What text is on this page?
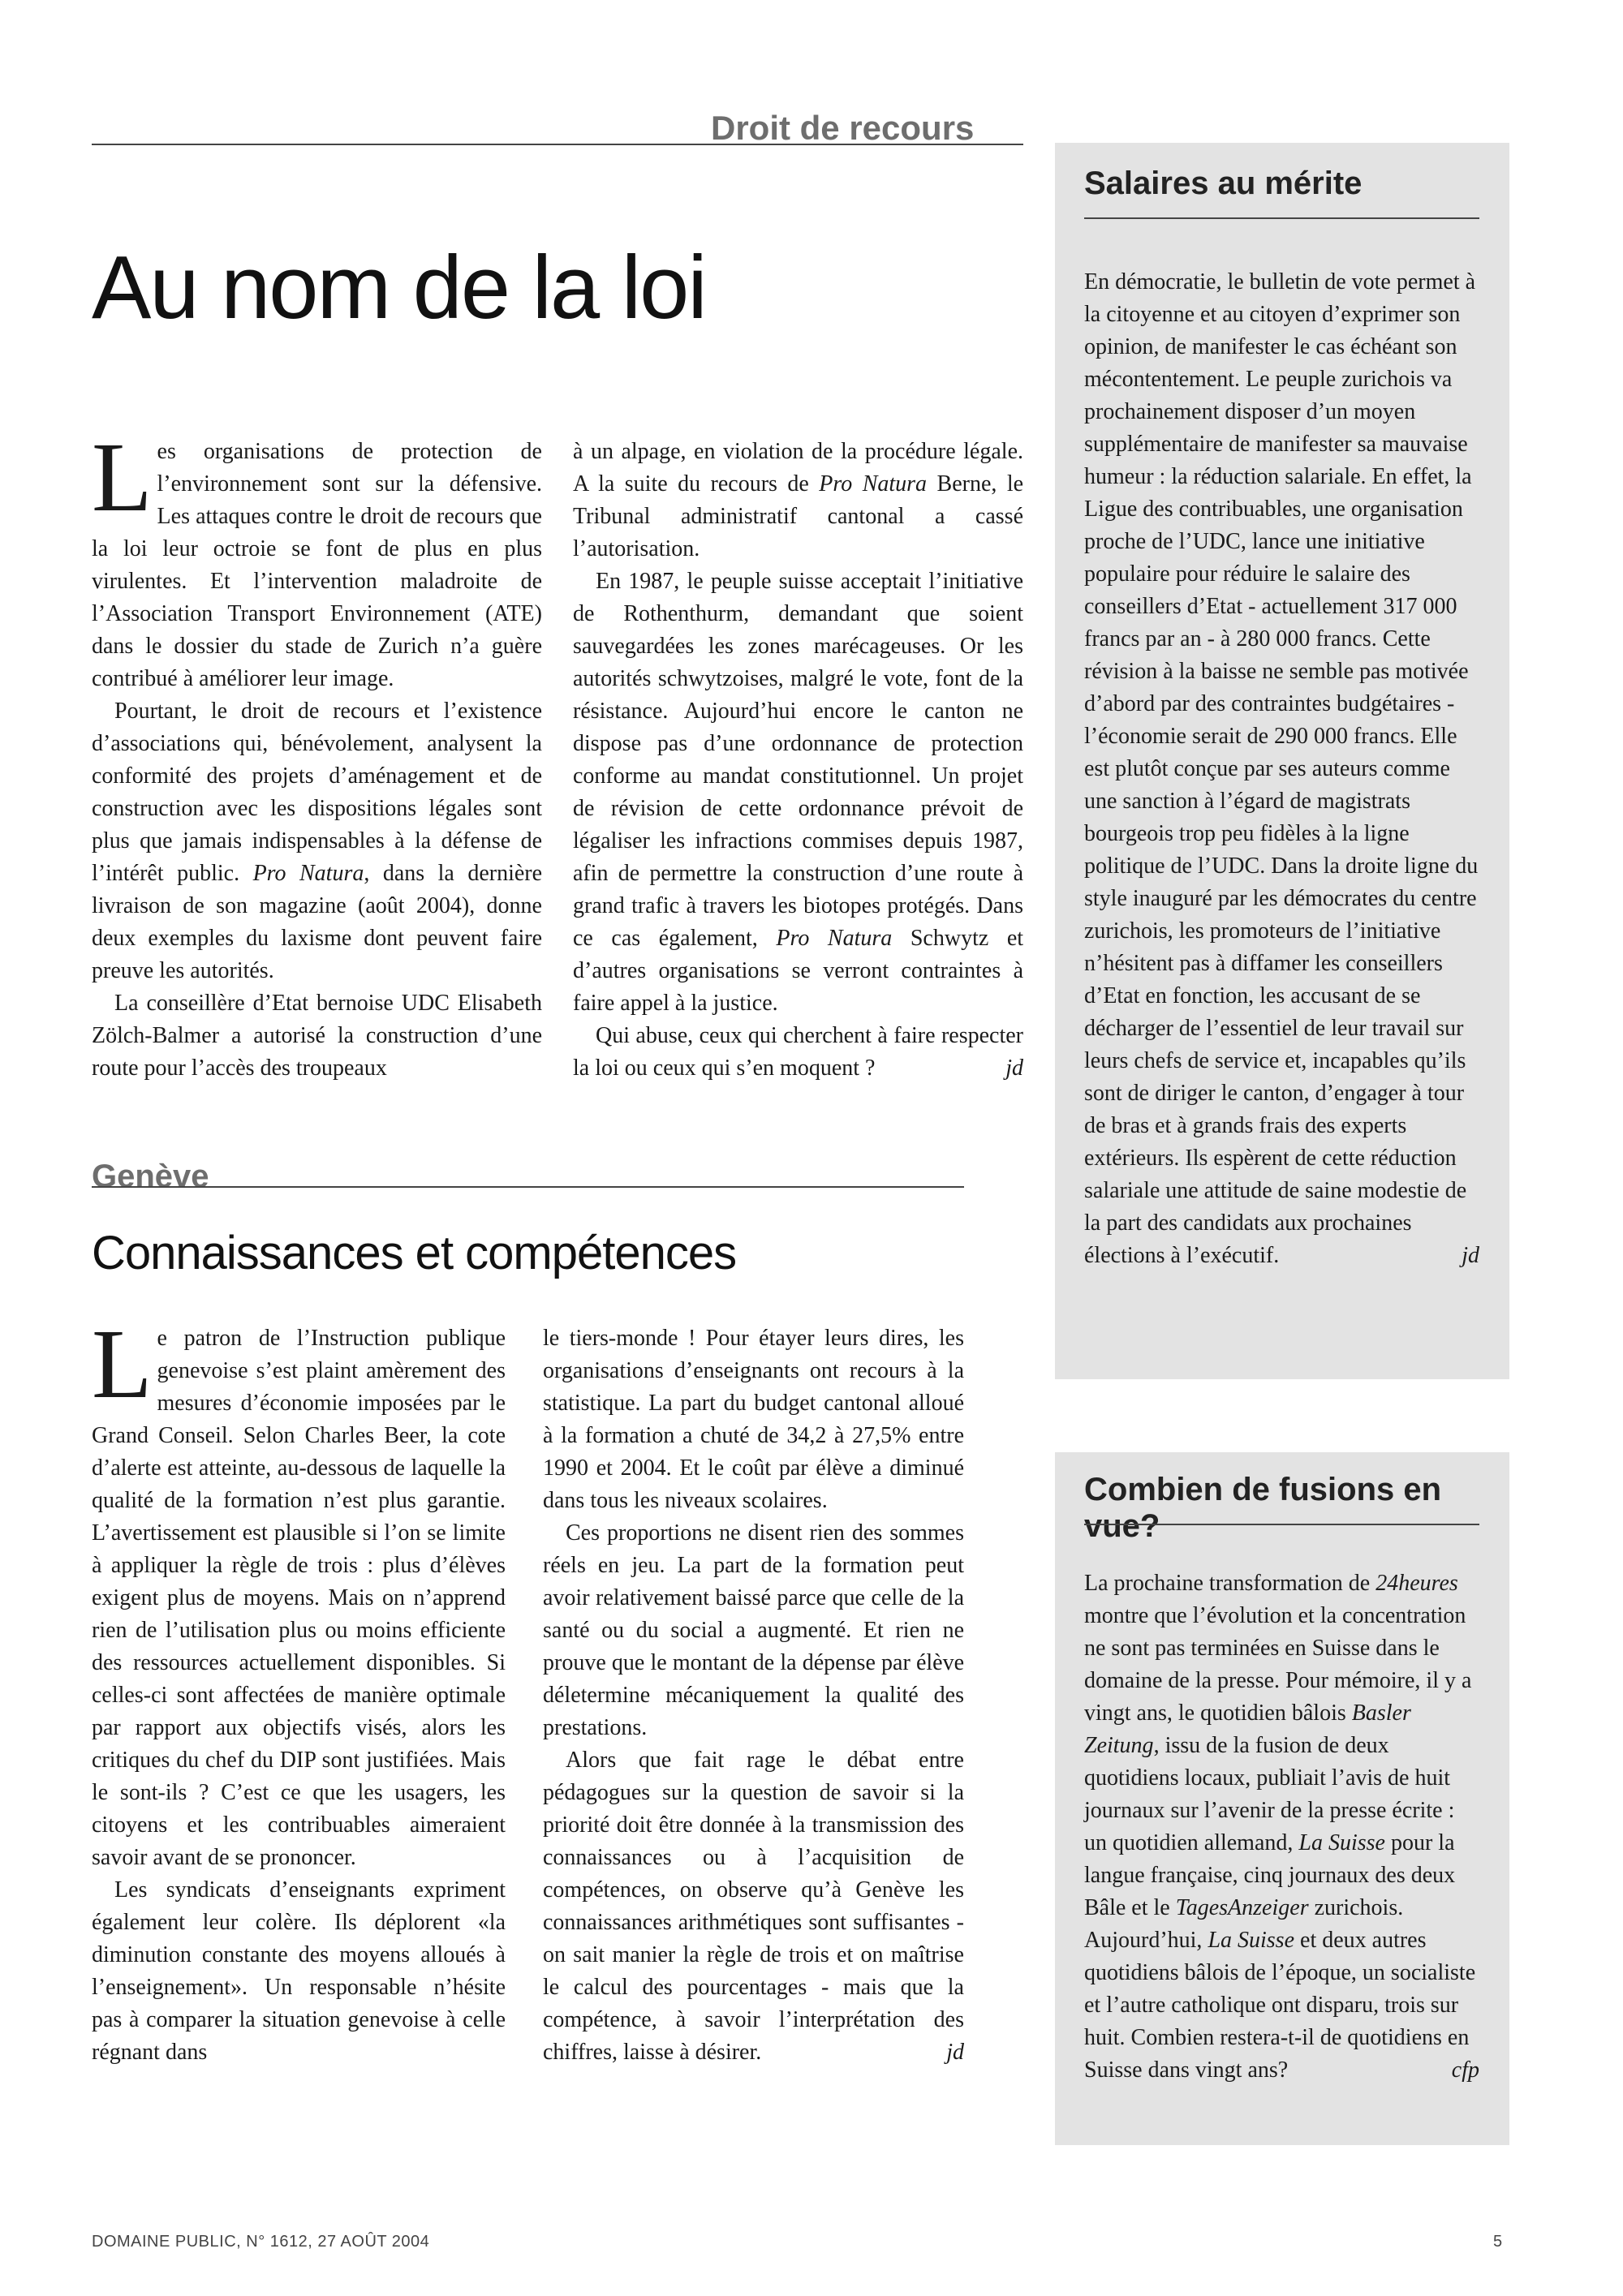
Droit de recours

Au nom de la loi

Les organisations de protection de l’environnement sont sur la défensive. Les attaques contre le droit de recours que la loi leur octroie se font de plus en plus virulentes. Et l’intervention maladroite de l’Association Transport Environnement (ATE) dans le dossier du stade de Zurich n’a guère contribué à améliorer leur image.

Pourtant, le droit de recours et l’existence d’associations qui, bénévolement, analysent la conformité des projets d’aménagement et de construction avec les dispositions légales sont plus que jamais indispensables à la défense de l’intérêt public. Pro Natura, dans la dernière livraison de son magazine (août 2004), donne deux exemples du laxisme dont peuvent faire preuve les autorités.

La conseillère d’Etat bernoise UDC Elisabeth Zölch-Balmer a autorisé la construction d’une route pour l’accès des troupeaux

à un alpage, en violation de la procédure légale. A la suite du recours de Pro Natura Berne, le Tribunal administratif cantonal a cassé l’autorisation.

En 1987, le peuple suisse acceptait l’initiative de Rothenthurm, demandant que soient sauvegardées les zones marécageuses. Or les autorités schwytzoises, malgré le vote, font de la résistance. Aujourd’hui encore le canton ne dispose pas d’une ordonnance de protection conforme au mandat constitutionnel. Un projet de révision de cette ordonnance prévoit de légaliser les infractions commises depuis 1987, afin de permettre la construction d’une route à grand trafic à travers les biotopes protégés. Dans ce cas également, Pro Natura Schwytz et d’autres organisations se verront contraintes à faire appel à la justice.

Qui abuse, ceux qui cherchent à faire respecter la loi ou ceux qui s’en moquent ?	jd

Genève

Connaissances et compétences

Le patron de l’Instruction publique genevoise s’est plaint amèrement des mesures d’économie imposées par le Grand Conseil. Selon Charles Beer, la cote d’alerte est atteinte, au-dessous de laquelle la qualité de la formation n’est plus garantie. L’avertissement est plausible si l’on se limite à appliquer la règle de trois : plus d’élèves exigent plus de moyens. Mais on n’apprend rien de l’utilisation plus ou moins efficiente des ressources actuellement disponibles. Si celles-ci sont affectées de manière optimale par rapport aux objectifs visés, alors les critiques du chef du DIP sont justifiées. Mais le sont-ils ? C’est ce que les usagers, les citoyens et les contribuables aimeraient savoir avant de se prononcer.

Les syndicats d’enseignants expriment également leur colère. Ils déplorent «la diminution constante des moyens alloués à l’enseignement». Un responsable n’hésite pas à comparer la situation genevoise à celle régnant dans

le tiers-monde ! Pour étayer leurs dires, les organisations d’enseignants ont recours à la statistique. La part du budget cantonal alloué à la formation a chuté de 34,2 à 27,5% entre 1990 et 2004. Et le coût par élève a diminué dans tous les niveaux scolaires.

Ces proportions ne disent rien des sommes réels en jeu. La part de la formation peut avoir relativement baissé parce que celle de la santé ou du social a augmenté. Et rien ne prouve que le montant de la dépense par élève déletermine mécaniquement la qualité des prestations.

Alors que fait rage le débat entre pédagogues sur la question de savoir si la priorité doit être donnée à la transmission des connaissances ou à l’acquisition de compétences, on observe qu’à Genève les connaissances arithmétiques sont suffisantes - on sait manier la règle de trois et on maîtrise le calcul des pourcentages - mais que la compétence, à savoir l’interprétation des chiffres, laisse à désirer.	jd

Salaires au mérite

En démocratie, le bulletin de vote permet à la citoyenne et au citoyen d’exprimer son opinion, de manifester le cas échéant son mécontentement. Le peuple zurichois va prochainement disposer d’un moyen supplémentaire de manifester sa mauvaise humeur : la réduction salariale. En effet, la Ligue des contribuables, une organisation proche de l’UDC, lance une initiative populaire pour réduire le salaire des conseillers d’Etat - actuellement 317 000 francs par an - à 280 000 francs. Cette révision à la baisse ne semble pas motivée d’abord par des contraintes budgétaires - l’économie serait de 290 000 francs. Elle est plutôt conçue par ses auteurs comme une sanction à l’égard de magistrats bourgeois trop peu fidèles à la ligne politique de l’UDC. Dans la droite ligne du style inauguré par les démocrates du centre zurichois, les promoteurs de l’initiative n’hésitent pas à diffamer les conseillers d’Etat en fonction, les accusant de se décharger de l’essentiel de leur travail sur leurs chefs de service et, incapables qu’ils sont de diriger le canton, d’engager à tour de bras et à grands frais des experts extérieurs. Ils espèrent de cette réduction salariale une attitude de saine modestie de la part des candidats aux prochaines élections à l’exécutif.	jd

Combien de fusions en vue?

La prochaine transformation de 24heures montre que l’évolution et la concentration ne sont pas terminées en Suisse dans le domaine de la presse. Pour mémoire, il y a vingt ans, le quotidien bâlois Basler Zeitung, issu de la fusion de deux quotidiens locaux, publiait l’avis de huit journaux sur l’avenir de la presse écrite : un quotidien allemand, La Suisse pour la langue française, cinq journaux des deux Bâle et le TagesAnzeiger zurichois. Aujourd’hui, La Suisse et deux autres quotidiens bâlois de l’époque, un socialiste et l’autre catholique ont disparu, trois sur huit. Combien restera-t-il de quotidiens en Suisse dans vingt ans?	cfp

DOMAINE PUBLIC, N° 1612, 27 AOÛT 2004	5
